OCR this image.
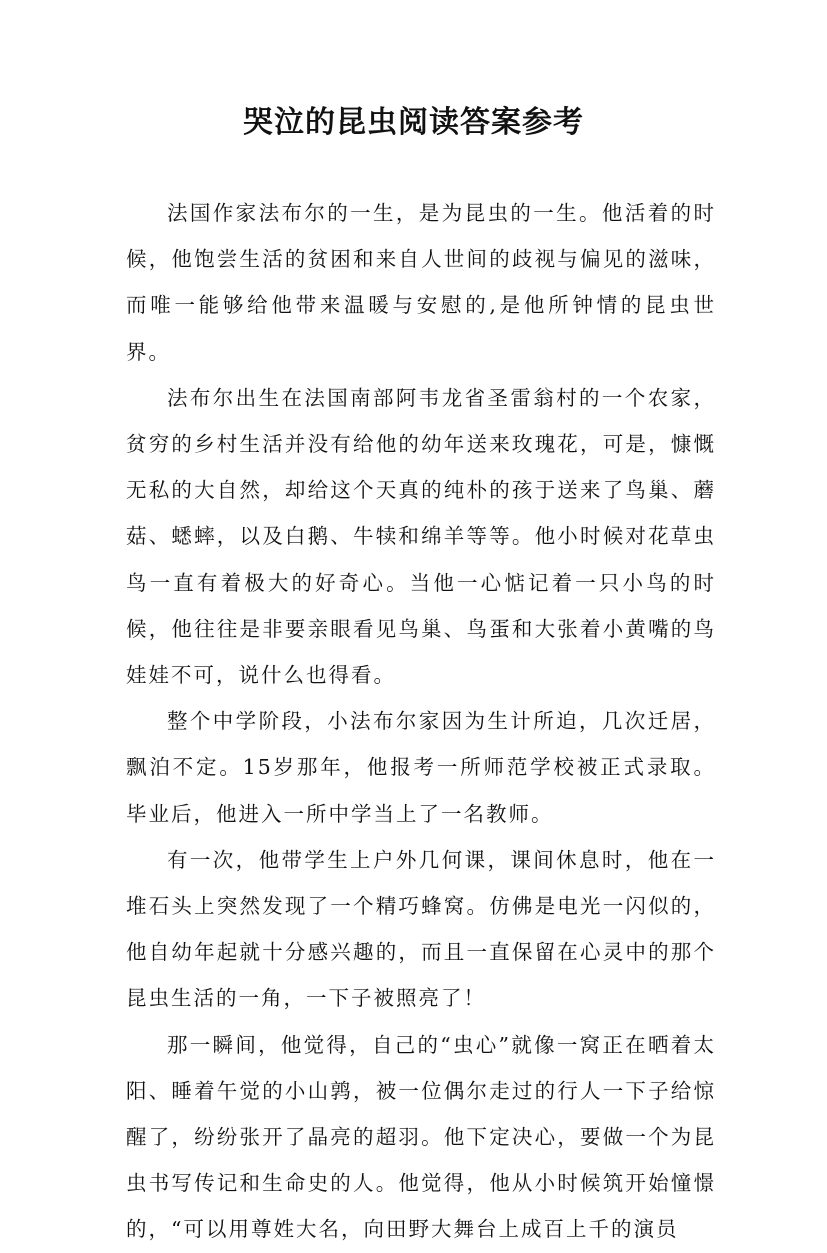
哭泣的昆虫阅读答案参考

法国作家法布尔的一生，是为昆虫的一生。他活着的时候，他饱尝生活的贫困和来自人世间的歧视与偏见的滋味，而唯一能够给他带来温暖与安慰的,是他所钟情的昆虫世界。

法布尔出生在法国南部阿韦龙省圣雷翁村的一个农家，贫穷的乡村生活并没有给他的幼年送来玫瑰花，可是，慷慨无私的大自然，却给这个天真的纯朴的孩于送来了鸟巢、蘑菇、蟋蟀，以及白鹅、牛犊和绵羊等等。他小时候对花草虫鸟一直有着极大的好奇心。当他一心惦记着一只小鸟的时候，他往往是非要亲眼看见鸟巢、鸟蛋和大张着小黄嘴的鸟娃娃不可，说什么也得看。

整个中学阶段，小法布尔家因为生计所迫，几次迁居，飘泊不定。15岁那年，他报考一所师范学校被正式录取。毕业后，他进入一所中学当上了一名教师。

有一次，他带学生上户外几何课，课间休息时，他在一堆石头上突然发现了一个精巧蜂窝。仿佛是电光一闪似的，他自幼年起就十分感兴趣的，而且一直保留在心灵中的那个昆虫生活的一角，一下子被照亮了！

那一瞬间，他觉得，自己的“虫心”就像一窝正在晒着太阳、睡着午觉的小山鹑，被一位偶尔走过的行人一下子给惊醒了，纷纷张开了晶亮的超羽。他下定决心，要做一个为昆虫书写传记和生命史的人。他觉得，他从小时候筑开始憧憬的，“可以用尊姓大名，向田野大舞台上成百上千的演员
